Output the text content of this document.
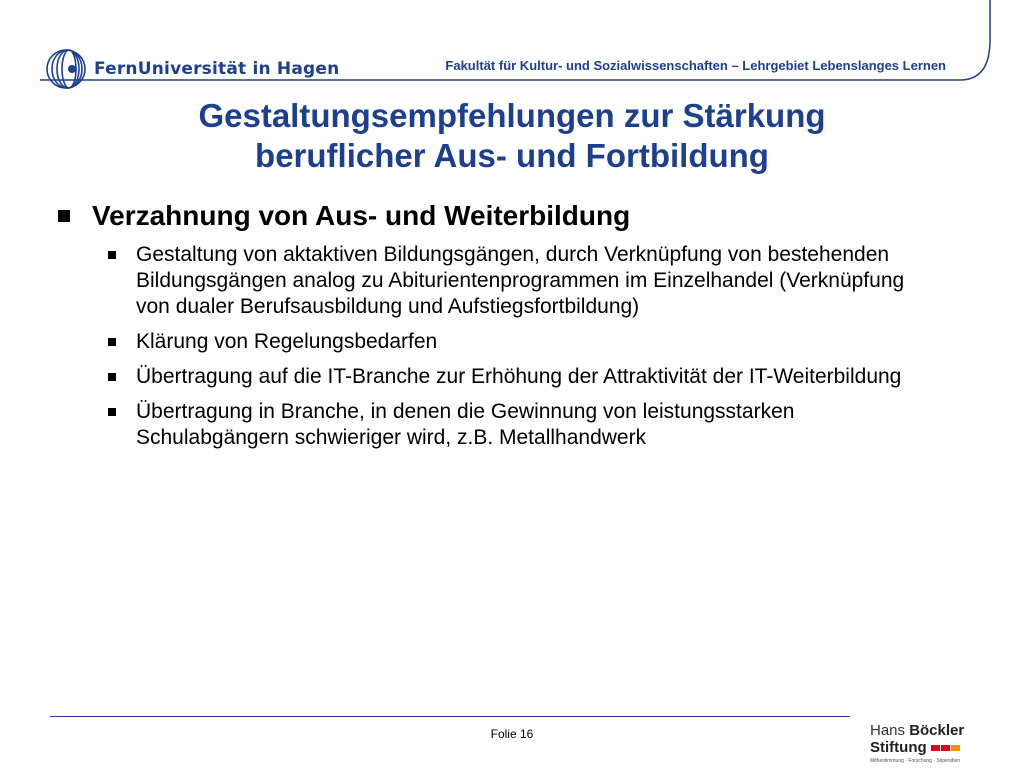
FernUniversität in Hagen	Fakultät für Kultur- und Sozialwissenschaften – Lehrgebiet Lebenslanges Lernen
Gestaltungsempfehlungen zur Stärkung
beruflicher Aus- und Fortbildung
Verzahnung von Aus- und Weiterbildung
Gestaltung von aktaktiven Bildungsgängen, durch Verknüpfung von bestehenden Bildungsgängen analog zu Abiturientenprogrammen im Einzelhandel (Verknüpfung von dualer Berufsausbildung und Aufstiegsfortbildung)
Klärung von Regelungsbedarfen
Übertragung auf die IT-Branche zur Erhöhung der Attraktivität der IT-Weiterbildung
Übertragung in Branche, in denen die Gewinnung von leistungsstarken Schulabgängern schwieriger wird, z.B. Metallhandwerk
Folie 16	Hans Böckler
Stiftung
Mitbestimmung · Forschung · Stipendien
